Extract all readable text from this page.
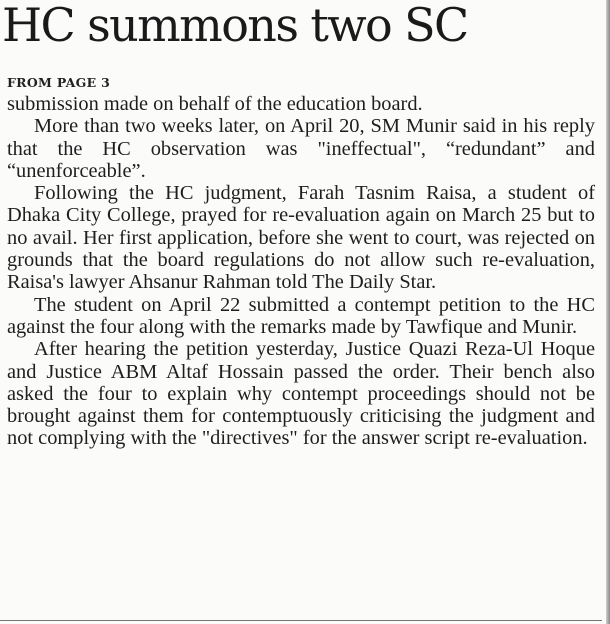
HC summons two SC
FROM PAGE 3

submission made on behalf of the education board.

More than two weeks later, on April 20, SM Munir said in his reply that the HC observation was "ineffectual", “redundant” and “unenforceable”.

Following the HC judgment, Farah Tasnim Raisa, a student of Dhaka City College, prayed for re-evaluation again on March 25 but to no avail. Her first application, before she went to court, was rejected on grounds that the board regulations do not allow such re-evaluation, Raisa's lawyer Ahsanur Rahman told The Daily Star.

The student on April 22 submitted a contempt petition to the HC against the four along with the remarks made by Tawfique and Munir.

After hearing the petition yesterday, Justice Quazi Reza-Ul Hoque and Justice ABM Altaf Hossain passed the order. Their bench also asked the four to explain why contempt proceedings should not be brought against them for contemptuously criticising the judgment and not complying with the "directives" for the answer script re-evaluation.
